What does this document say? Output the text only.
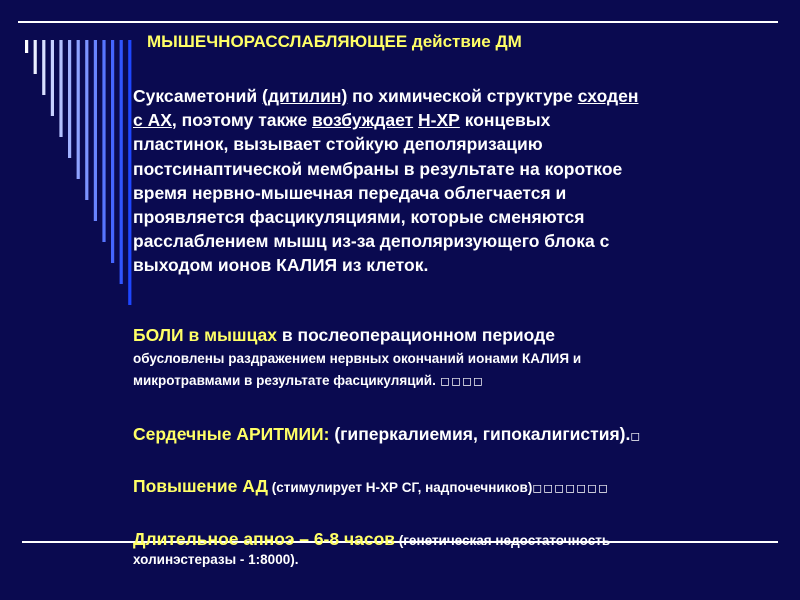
МЫШЕЧНОРАССЛАБЛЯЮЩЕЕ действие ДМ

Суксаметоний (дитилин) по химической структуре сходен
с АХ, поэтому также возбуждает Н-ХР концевых
пластинок, вызывает стойкую деполяризацию
постсинаптической мембраны в результате на короткое
время нервно-мышечная передача облегчается и
проявляется фасцикуляциями, которые сменяются
расслаблением мышц из-за деполяризующего блока с
выходом ионов КАЛИЯ из клеток.

БОЛИ в мышцах в послеоперационном периоде

обусловлены раздражением нервных окончаний ионами КАЛИЯ и

микротравмами в результате фасцикуляций. ◻◻◻◻

Сердечные АРИТМИИ: (гиперкалиемия, гипокалигистия).◻

Повышение АД (стимулирует Н-ХР СГ, надпочечников)◻◻◻◻◻◻◻

Длительное апноэ – 6-8 часов (генетическая недостаточность

холинэстеразы - 1:8000).
